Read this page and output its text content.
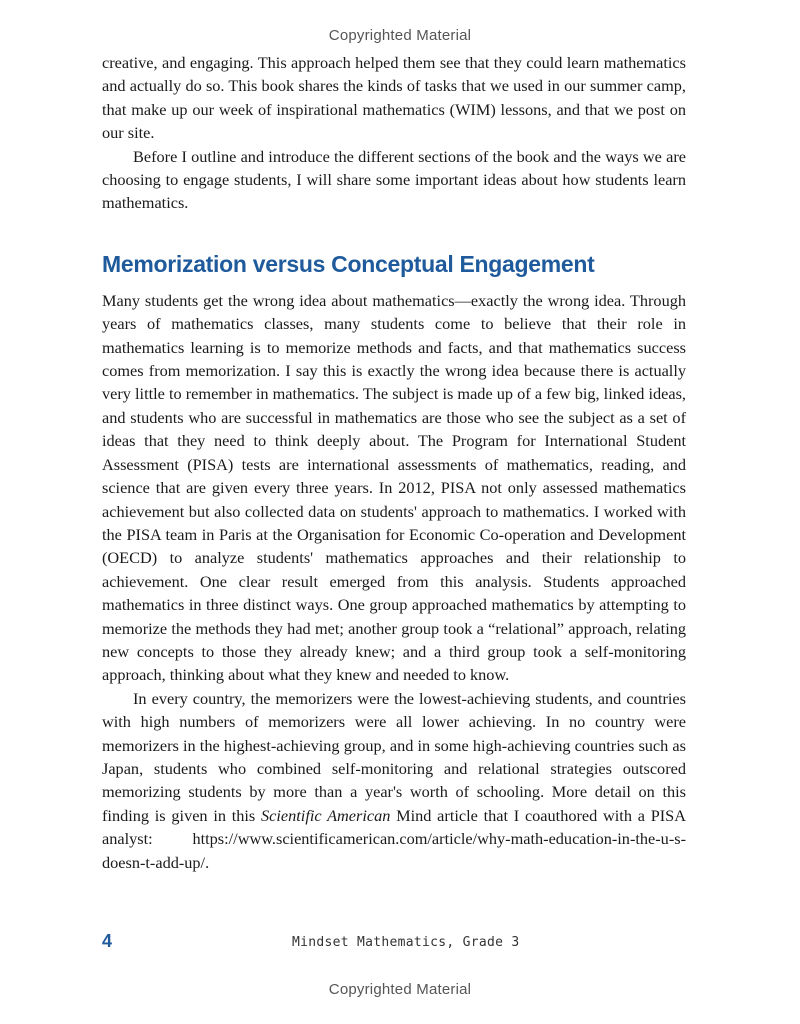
Copyrighted Material

creative, and engaging. This approach helped them see that they could learn mathematics and actually do so. This book shares the kinds of tasks that we used in our summer camp, that make up our week of inspirational mathematics (WIM) lessons, and that we post on our site.

Before I outline and introduce the different sections of the book and the ways we are choosing to engage students, I will share some important ideas about how students learn mathematics.

Memorization versus Conceptual Engagement

Many students get the wrong idea about mathematics—exactly the wrong idea. Through years of mathematics classes, many students come to believe that their role in mathematics learning is to memorize methods and facts, and that mathematics success comes from memorization. I say this is exactly the wrong idea because there is actually very little to remember in mathematics. The subject is made up of a few big, linked ideas, and students who are successful in mathematics are those who see the subject as a set of ideas that they need to think deeply about. The Program for International Student Assessment (PISA) tests are international assessments of mathematics, reading, and science that are given every three years. In 2012, PISA not only assessed mathematics achievement but also collected data on students' approach to mathematics. I worked with the PISA team in Paris at the Organisation for Economic Co-operation and Development (OECD) to analyze students' mathematics approaches and their relationship to achievement. One clear result emerged from this analysis. Students approached mathematics in three distinct ways. One group approached mathematics by attempting to memorize the methods they had met; another group took a “relational” approach, relating new concepts to those they already knew; and a third group took a self-monitoring approach, thinking about what they knew and needed to know.

In every country, the memorizers were the lowest-achieving students, and countries with high numbers of memorizers were all lower achieving. In no country were memorizers in the highest-achieving group, and in some high-achieving countries such as Japan, students who combined self-monitoring and relational strategies outscored memorizing students by more than a year's worth of schooling. More detail on this finding is given in this Scientific American Mind article that I coauthored with a PISA analyst: https://www.scientificamerican.com/article/why-math-education-in-the-u-s-doesn-t-add-up/.

4	Mindset Mathematics, Grade 3
Copyrighted Material
